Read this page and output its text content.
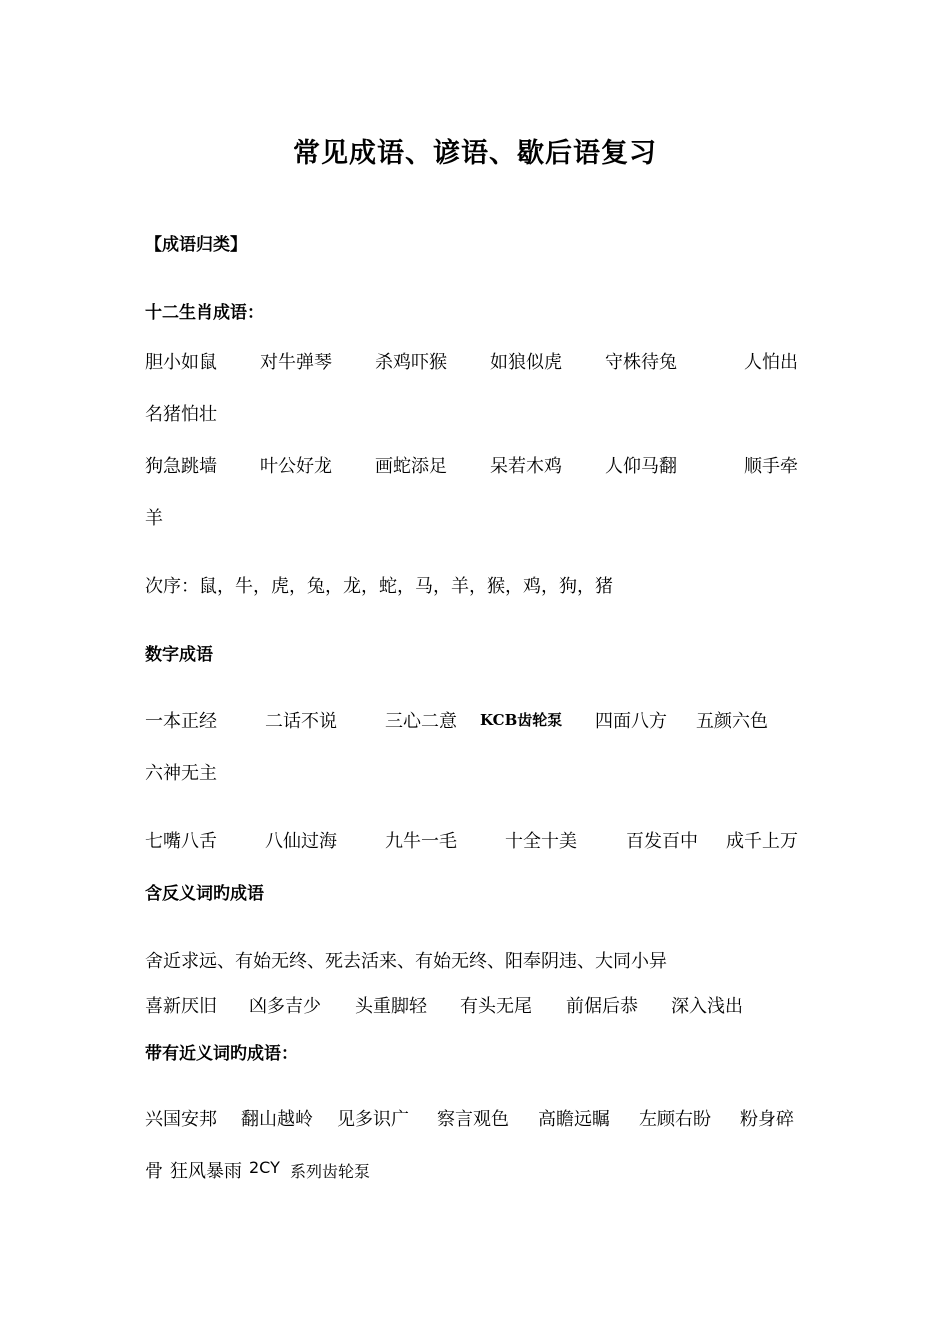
常见成语、谚语、歇后语复习
【成语归类】
十二生肖成语：
胆小如鼠 对牛弹琴 杀鸡吓猴 如狼似虎 守株待兔	人怕出
名猪怕壮
狗急跳墙 叶公好龙 画蛇添足 呆若木鸡 人仰马翻	顺手牵
羊
次序：鼠，牛，虎，兔，龙，蛇，马，羊，猴，鸡，狗，猪
数字成语
一本正经	二话不说	三心二意 KCB齿轮泵 四面八方 五颜六色
六神无主
七嘴八舌	八仙过海	九牛一毛	十全十美	百发百中 成千上万
含反义词旳成语
舍近求远、有始无终、死去活来、有始无终、阳奉阴违、大同小异
喜新厌旧 凶多吉少 头重脚轻 有头无尾 前倨后恭 深入浅出
带有近义词旳成语：
兴国安邦 翻山越岭 见多识广 察言观色 高瞻远瞩 左顾右盼 粉身碎
骨 狂风暴雨 2CY 系列齿轮泵
